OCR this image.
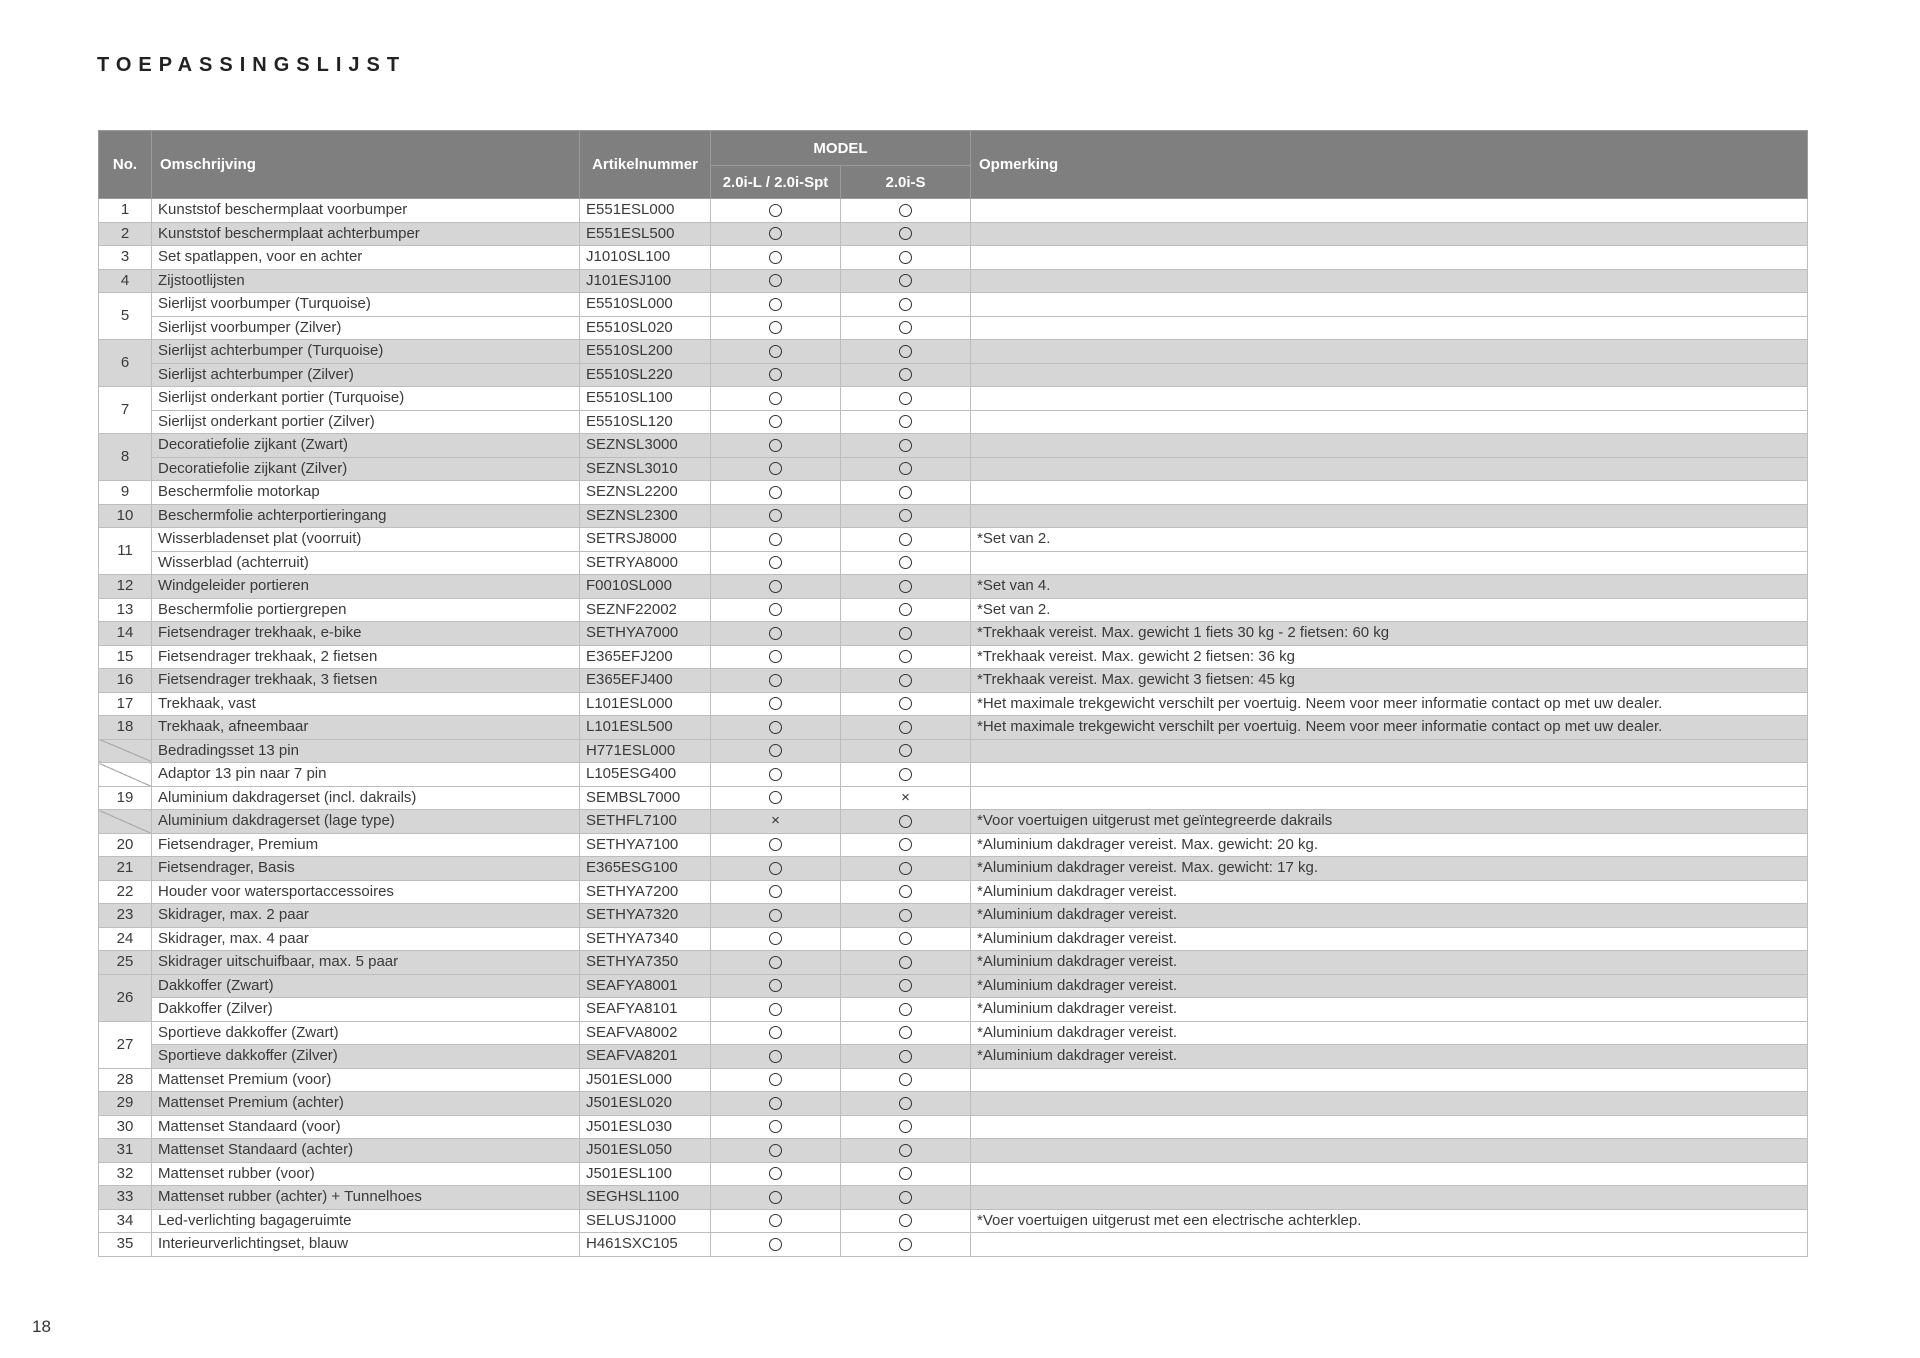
TOEPASSINGSLIJST
No.	Omschrijving	Artikelnummer	MODEL		Opmerking
			2.0i-L / 2.0i-Spt	2.0i-S	
1	Kunststof beschermplaat voorbumper	E551ESL000			
2	Kunststof beschermplaat achterbumper	E551ESL500			
3	Set spatlappen, voor en achter	J1010SL100			
4	Zijstootlijsten	J101ESJ100			
5	Sierlijst voorbumper (Turquoise)	E5510SL000			
	Sierlijst voorbumper (Zilver)	E5510SL020			
6	Sierlijst achterbumper (Turquoise)	E5510SL200			
	Sierlijst achterbumper (Zilver)	E5510SL220			
7	Sierlijst onderkant portier (Turquoise)	E5510SL100			
	Sierlijst onderkant portier (Zilver)	E5510SL120			
8	Decoratiefolie zijkant (Zwart)	SEZNSL3000			
	Decoratiefolie zijkant (Zilver)	SEZNSL3010			
9	Beschermfolie motorkap	SEZNSL2200			
10	Beschermfolie achterportieringang	SEZNSL2300			
11	Wisserbladenset plat (voorruit)	SETRSJ8000			*Set van 2.
	Wisserblad (achterruit)	SETRYA8000			
12	Windgeleider portieren	F0010SL000			*Set van 4.
13	Beschermfolie portiergrepen	SEZNF22002			*Set van 2.
14	Fietsendrager trekhaak, e-bike	SETHYA7000			*Trekhaak vereist. Max. gewicht 1 fiets 30 kg - 2 fietsen: 60 kg
15	Fietsendrager trekhaak, 2 fietsen	E365EFJ200			*Trekhaak vereist. Max. gewicht 2 fietsen: 36 kg
16	Fietsendrager trekhaak, 3 fietsen	E365EFJ400			*Trekhaak vereist. Max. gewicht 3 fietsen: 45 kg
17	Trekhaak, vast	L101ESL000			*Het maximale trekgewicht verschilt per voertuig. Neem voor meer informatie contact op met uw dealer.
18	Trekhaak, afneembaar	L101ESL500			*Het maximale trekgewicht verschilt per voertuig. Neem voor meer informatie contact op met uw dealer.
	Bedradingsset 13 pin	H771ESL000			
	Adaptor 13 pin naar 7 pin	L105ESG400			
19	Aluminium dakdragerset (incl. dakrails)	SEMBSL7000		×	
	Aluminium dakdragerset (lage type)	SETHFL7100	×		*Voor voertuigen uitgerust met geïntegreerde dakrails
20	Fietsendrager, Premium	SETHYA7100			*Aluminium dakdrager vereist. Max. gewicht: 20 kg.
21	Fietsendrager, Basis	E365ESG100			*Aluminium dakdrager vereist. Max. gewicht: 17 kg.
22	Houder voor watersportaccessoires	SETHYA7200			*Aluminium dakdrager vereist.
23	Skidrager, max. 2 paar	SETHYA7320			*Aluminium dakdrager vereist.
24	Skidrager, max. 4 paar	SETHYA7340			*Aluminium dakdrager vereist.
25	Skidrager uitschuifbaar, max. 5 paar	SETHYA7350			*Aluminium dakdrager vereist.
26	Dakkoffer (Zwart)	SEAFYA8001			*Aluminium dakdrager vereist.
	Dakkoffer (Zilver)	SEAFYA8101			*Aluminium dakdrager vereist.
27	Sportieve dakkoffer (Zwart)	SEAFVA8002			*Aluminium dakdrager vereist.
	Sportieve dakkoffer (Zilver)	SEAFVA8201			*Aluminium dakdrager vereist.
28	Mattenset Premium (voor)	J501ESL000			
29	Mattenset Premium (achter)	J501ESL020			
30	Mattenset Standaard (voor)	J501ESL030			
31	Mattenset Standaard (achter)	J501ESL050			
32	Mattenset rubber (voor)	J501ESL100			
33	Mattenset rubber (achter) + Tunnelhoes	SEGHSL1100			
34	Led-verlichting bagageruimte	SELUSJ1000			*Voer voertuigen uitgerust met een electrische achterklep.
35	Interieurverlichtingset, blauw	H461SXC105			
18
